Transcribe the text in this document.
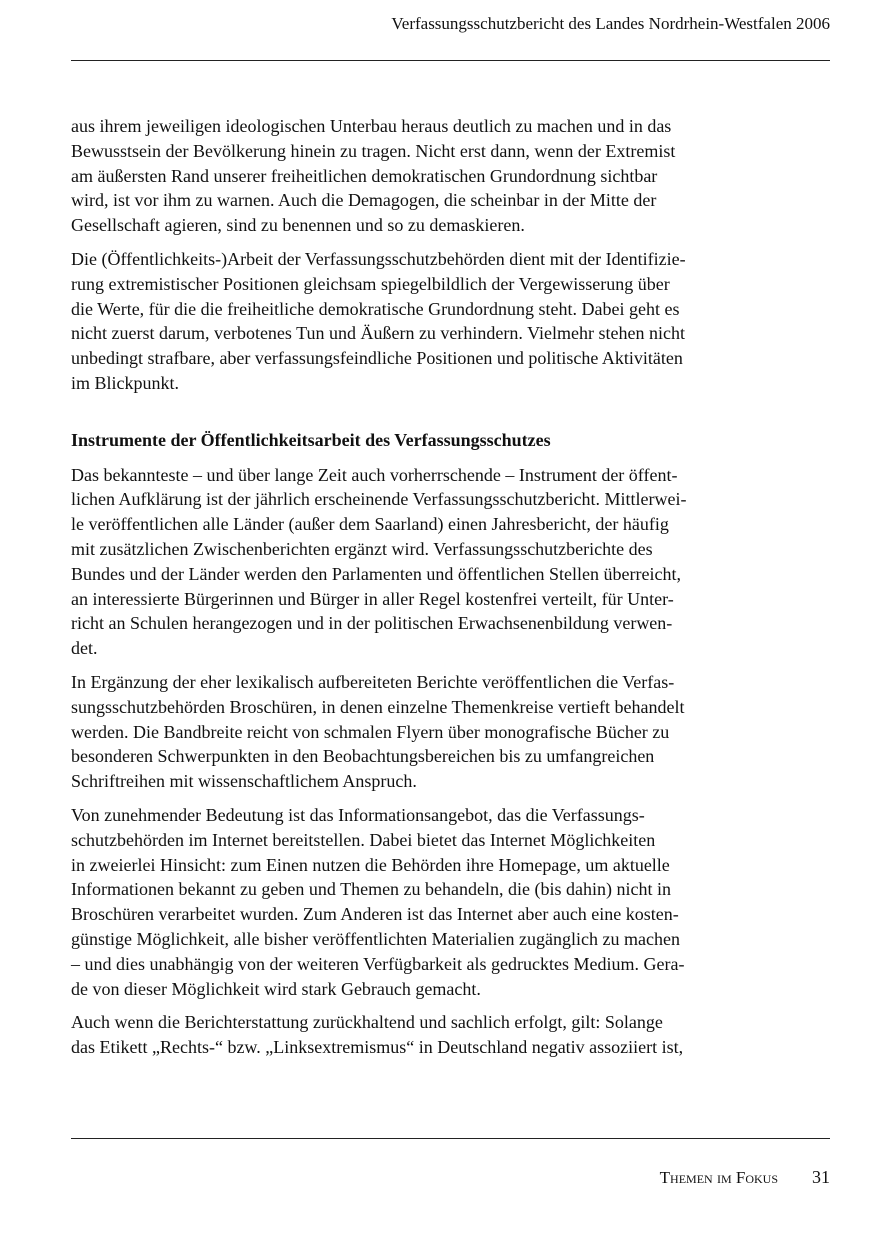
Verfassungsschutzbericht des Landes Nordrhein-Westfalen 2006

aus ihrem jeweiligen ideologischen Unterbau heraus deutlich zu machen und in das
Bewusstsein der Bevölkerung hinein zu tragen. Nicht erst dann, wenn der Extremist
am äußersten Rand unserer freiheitlichen demokratischen Grundordnung sichtbar
wird, ist vor ihm zu warnen. Auch die Demagogen, die scheinbar in der Mitte der
Gesellschaft agieren, sind zu benennen und so zu demaskieren.

Die (Öffentlichkeits-)Arbeit der Verfassungsschutzbehörden dient mit der Identifizie-
rung extremistischer Positionen gleichsam spiegelbildlich der Vergewisserung über
die Werte, für die die freiheitliche demokratische Grundordnung steht. Dabei geht es
nicht zuerst darum, verbotenes Tun und Äußern zu verhindern. Vielmehr stehen nicht
unbedingt strafbare, aber verfassungsfeindliche Positionen und politische Aktivitäten
im Blickpunkt.

Instrumente der Öffentlichkeitsarbeit des Verfassungsschutzes

Das bekannteste – und über lange Zeit auch vorherrschende – Instrument der öffent-
lichen Aufklärung ist der jährlich erscheinende Verfassungsschutzbericht. Mittlerwei-
le veröffentlichen alle Länder (außer dem Saarland) einen Jahresbericht, der häufig
mit zusätzlichen Zwischenberichten ergänzt wird. Verfassungsschutzberichte des
Bundes und der Länder werden den Parlamenten und öffentlichen Stellen überreicht,
an interessierte Bürgerinnen und Bürger in aller Regel kostenfrei verteilt, für Unter-
richt an Schulen herangezogen und in der politischen Erwachsenenbildung verwen-
det.

In Ergänzung der eher lexikalisch aufbereiteten Berichte veröffentlichen die Verfas-
sungsschutzbehörden Broschüren, in denen einzelne Themenkreise vertieft behandelt
werden. Die Bandbreite reicht von schmalen Flyern über monografische Bücher zu
besonderen Schwerpunkten in den Beobachtungsbereichen bis zu umfangreichen
Schriftreihen mit wissenschaftlichem Anspruch.

Von zunehmender Bedeutung ist das Informationsangebot, das die Verfassungs-
schutzbehörden im Internet bereitstellen. Dabei bietet das Internet Möglichkeiten
in zweierlei Hinsicht: zum Einen nutzen die Behörden ihre Homepage, um aktuelle
Informationen bekannt zu geben und Themen zu behandeln, die (bis dahin) nicht in
Broschüren verarbeitet wurden. Zum Anderen ist das Internet aber auch eine kosten-
günstige Möglichkeit, alle bisher veröffentlichten Materialien zugänglich zu machen
– und dies unabhängig von der weiteren Verfügbarkeit als gedrucktes Medium. Gera-
de von dieser Möglichkeit wird stark Gebrauch gemacht.

Auch wenn die Berichterstattung zurückhaltend und sachlich erfolgt, gilt: Solange
das Etikett „Rechts-“ bzw. „Linksextremismus“ in Deutschland negativ assoziiert ist,

Themen im Fokus 31
